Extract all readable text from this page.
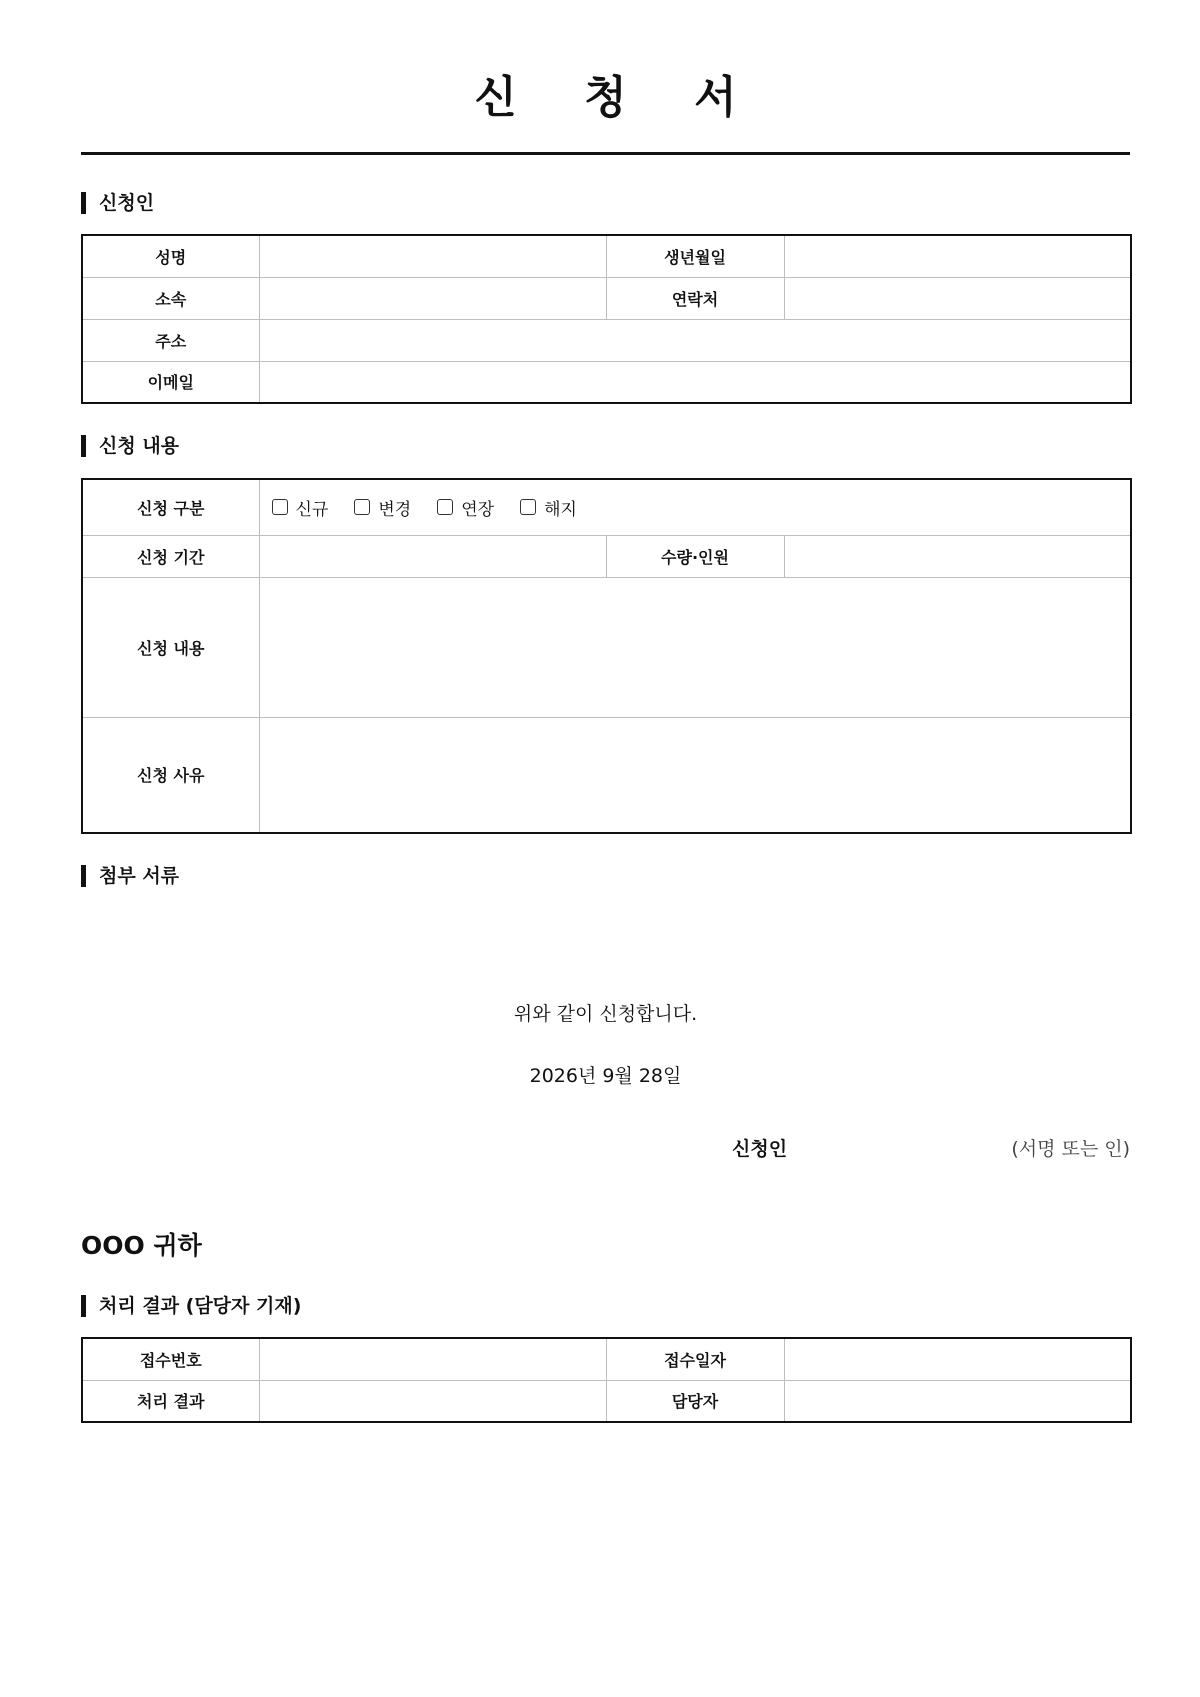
신 청 서
신청인
성명		생년월일	
소속		연락처	
주소			
이메일			
신청 내용
신청 구분	신규 변경 연장 해지		

신청 기간		수량·인원	
신청 내용			
신청 사유			
첨부 서류
위와 같이 신청합니다.
2026년 9월 28일
신청인	(서명 또는 인)
OOO 귀하
처리 결과 (담당자 기재)
접수번호		접수일자	
처리 결과		담당자	
